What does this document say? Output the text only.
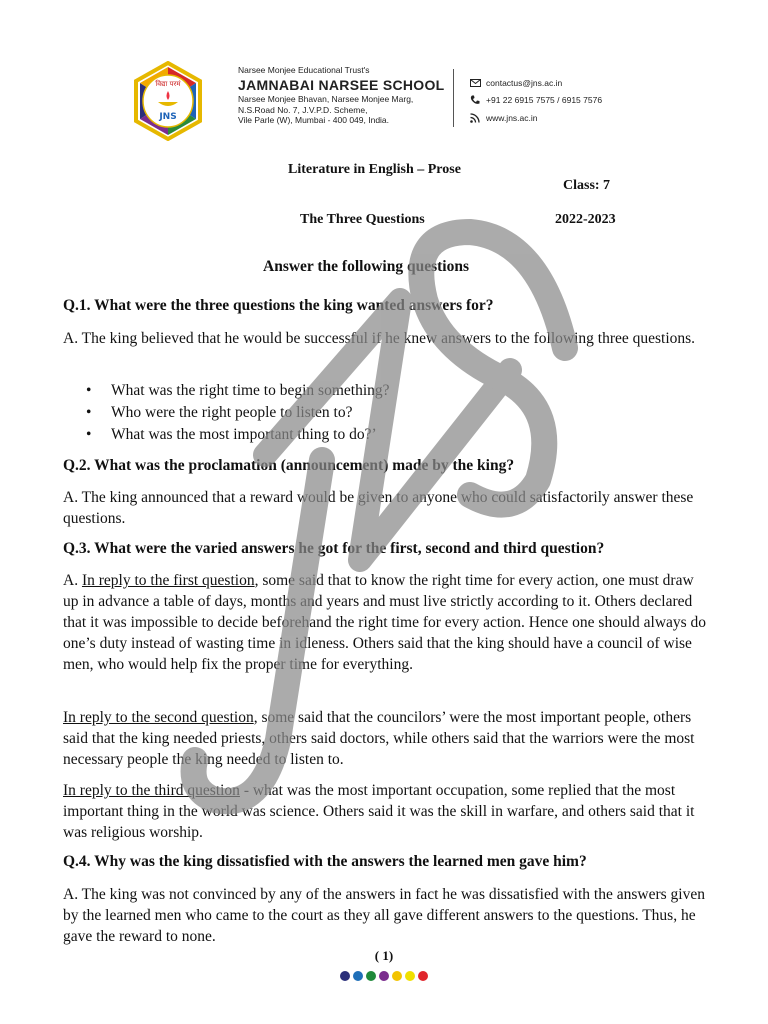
विद्या परमं
JNS
Narsee Monjee Educational Trust's
JAMNABAI NARSEE SCHOOL
Narsee Monjee Bhavan, Narsee Monjee Marg,
N.S.Road No. 7, J.V.P.D. Scheme,
Vile Parle (W), Mumbai - 400 049, India.
contactus@jns.ac.in
+91 22 6915 7575 / 6915 7576
www.jns.ac.in
Literature in English – Prose
Class: 7
The Three Questions	2022-2023
Answer the following questions
Q.1. What were the three questions the king wanted answers for?

A. The king believed that he would be successful if he knew answers to the following three questions.

• What was the right time to begin something?
• Who were the right people to listen to?
• What was the most important thing to do?’
Q.2. What was the proclamation (announcement) made by the king?

A. The king announced that a reward would be given to anyone who could satisfactorily answer these questions.

Q.3. What were the varied answers he got for the first, second and third question?

A. In reply to the first question, some said that to know the right time for every action, one must draw up in advance a table of days, months and years and must live strictly according to it. Others declared that it was impossible to decide beforehand the right time for every action. Hence one should always do one’s duty instead of wasting time in idleness. Others said that the king should have a council of wise men, who would help fix the proper time for everything.

In reply to the second question, some said that the councilors’ were the most important people, others said that the king needed priests, others said doctors, while others said that the warriors were the most necessary people the king needed to listen to.

In reply to the third question - what was the most important occupation, some replied that the most important thing in the world was science. Others said it was the skill in warfare, and others said that it was religious worship.

Q.4. Why was the king dissatisfied with the answers the learned men gave him?

A. The king was not convinced by any of the answers in fact he was dissatisfied with the answers given by the learned men who came to the court as they all gave different answers to the questions. Thus, he gave the reward to none.

( 1)
